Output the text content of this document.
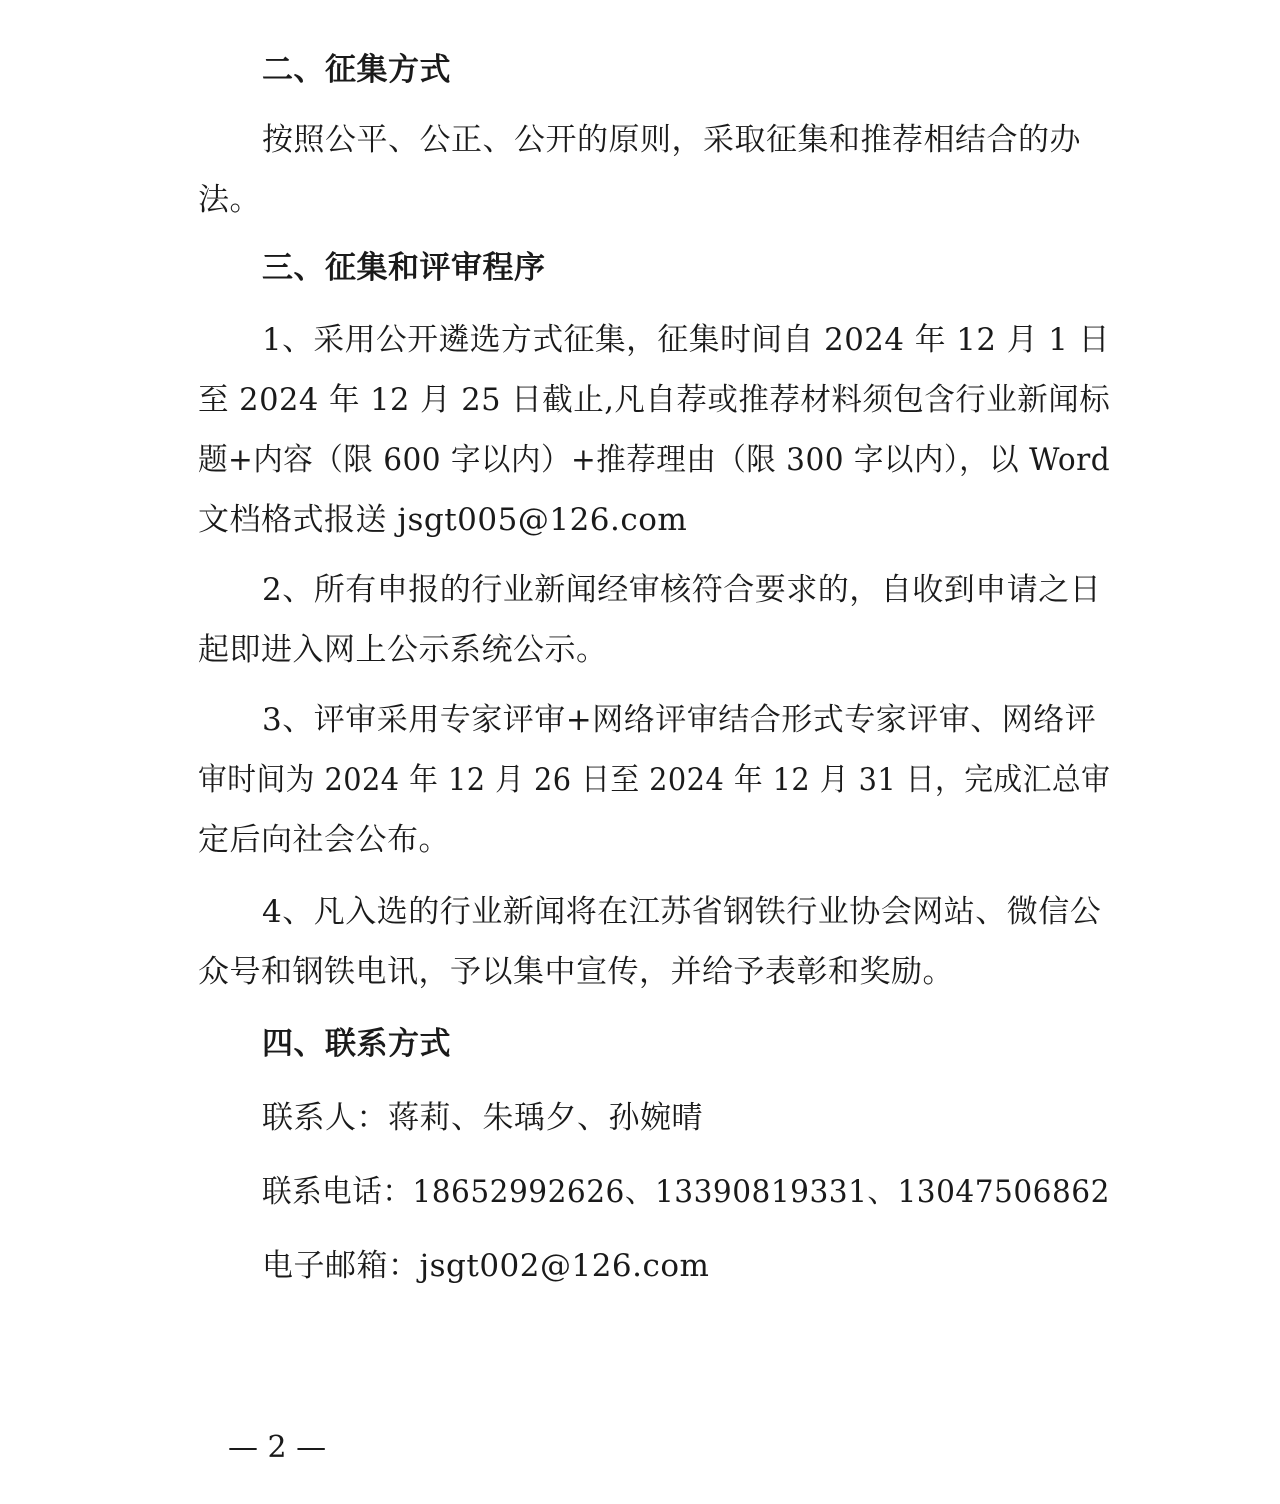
二、征集方式
按照公平、公正、公开的原则，采取征集和推荐相结合的办
法。
三、征集和评审程序
1、采用公开遴选方式征集，征集时间自 2024 年 12 月 1 日
至 2024 年 12 月 25 日截止,凡自荐或推荐材料须包含行业新闻标
题+内容（限 600 字以内）+推荐理由（限 300 字以内），以 Word
文档格式报送 jsgt005@126.com
2、所有申报的行业新闻经审核符合要求的，自收到申请之日
起即进入网上公示系统公示。
3、评审采用专家评审+网络评审结合形式专家评审、网络评
审时间为 2024 年 12 月 26 日至 2024 年 12 月 31 日，完成汇总审
定后向社会公布。
4、凡入选的行业新闻将在江苏省钢铁行业协会网站、微信公
众号和钢铁电讯，予以集中宣传，并给予表彰和奖励。
四、联系方式
联系人：蒋莉、朱瑀夕、孙婉晴
联系电话：18652992626、13390819331、13047506862
电子邮箱：jsgt002@126.com
— 2 —
